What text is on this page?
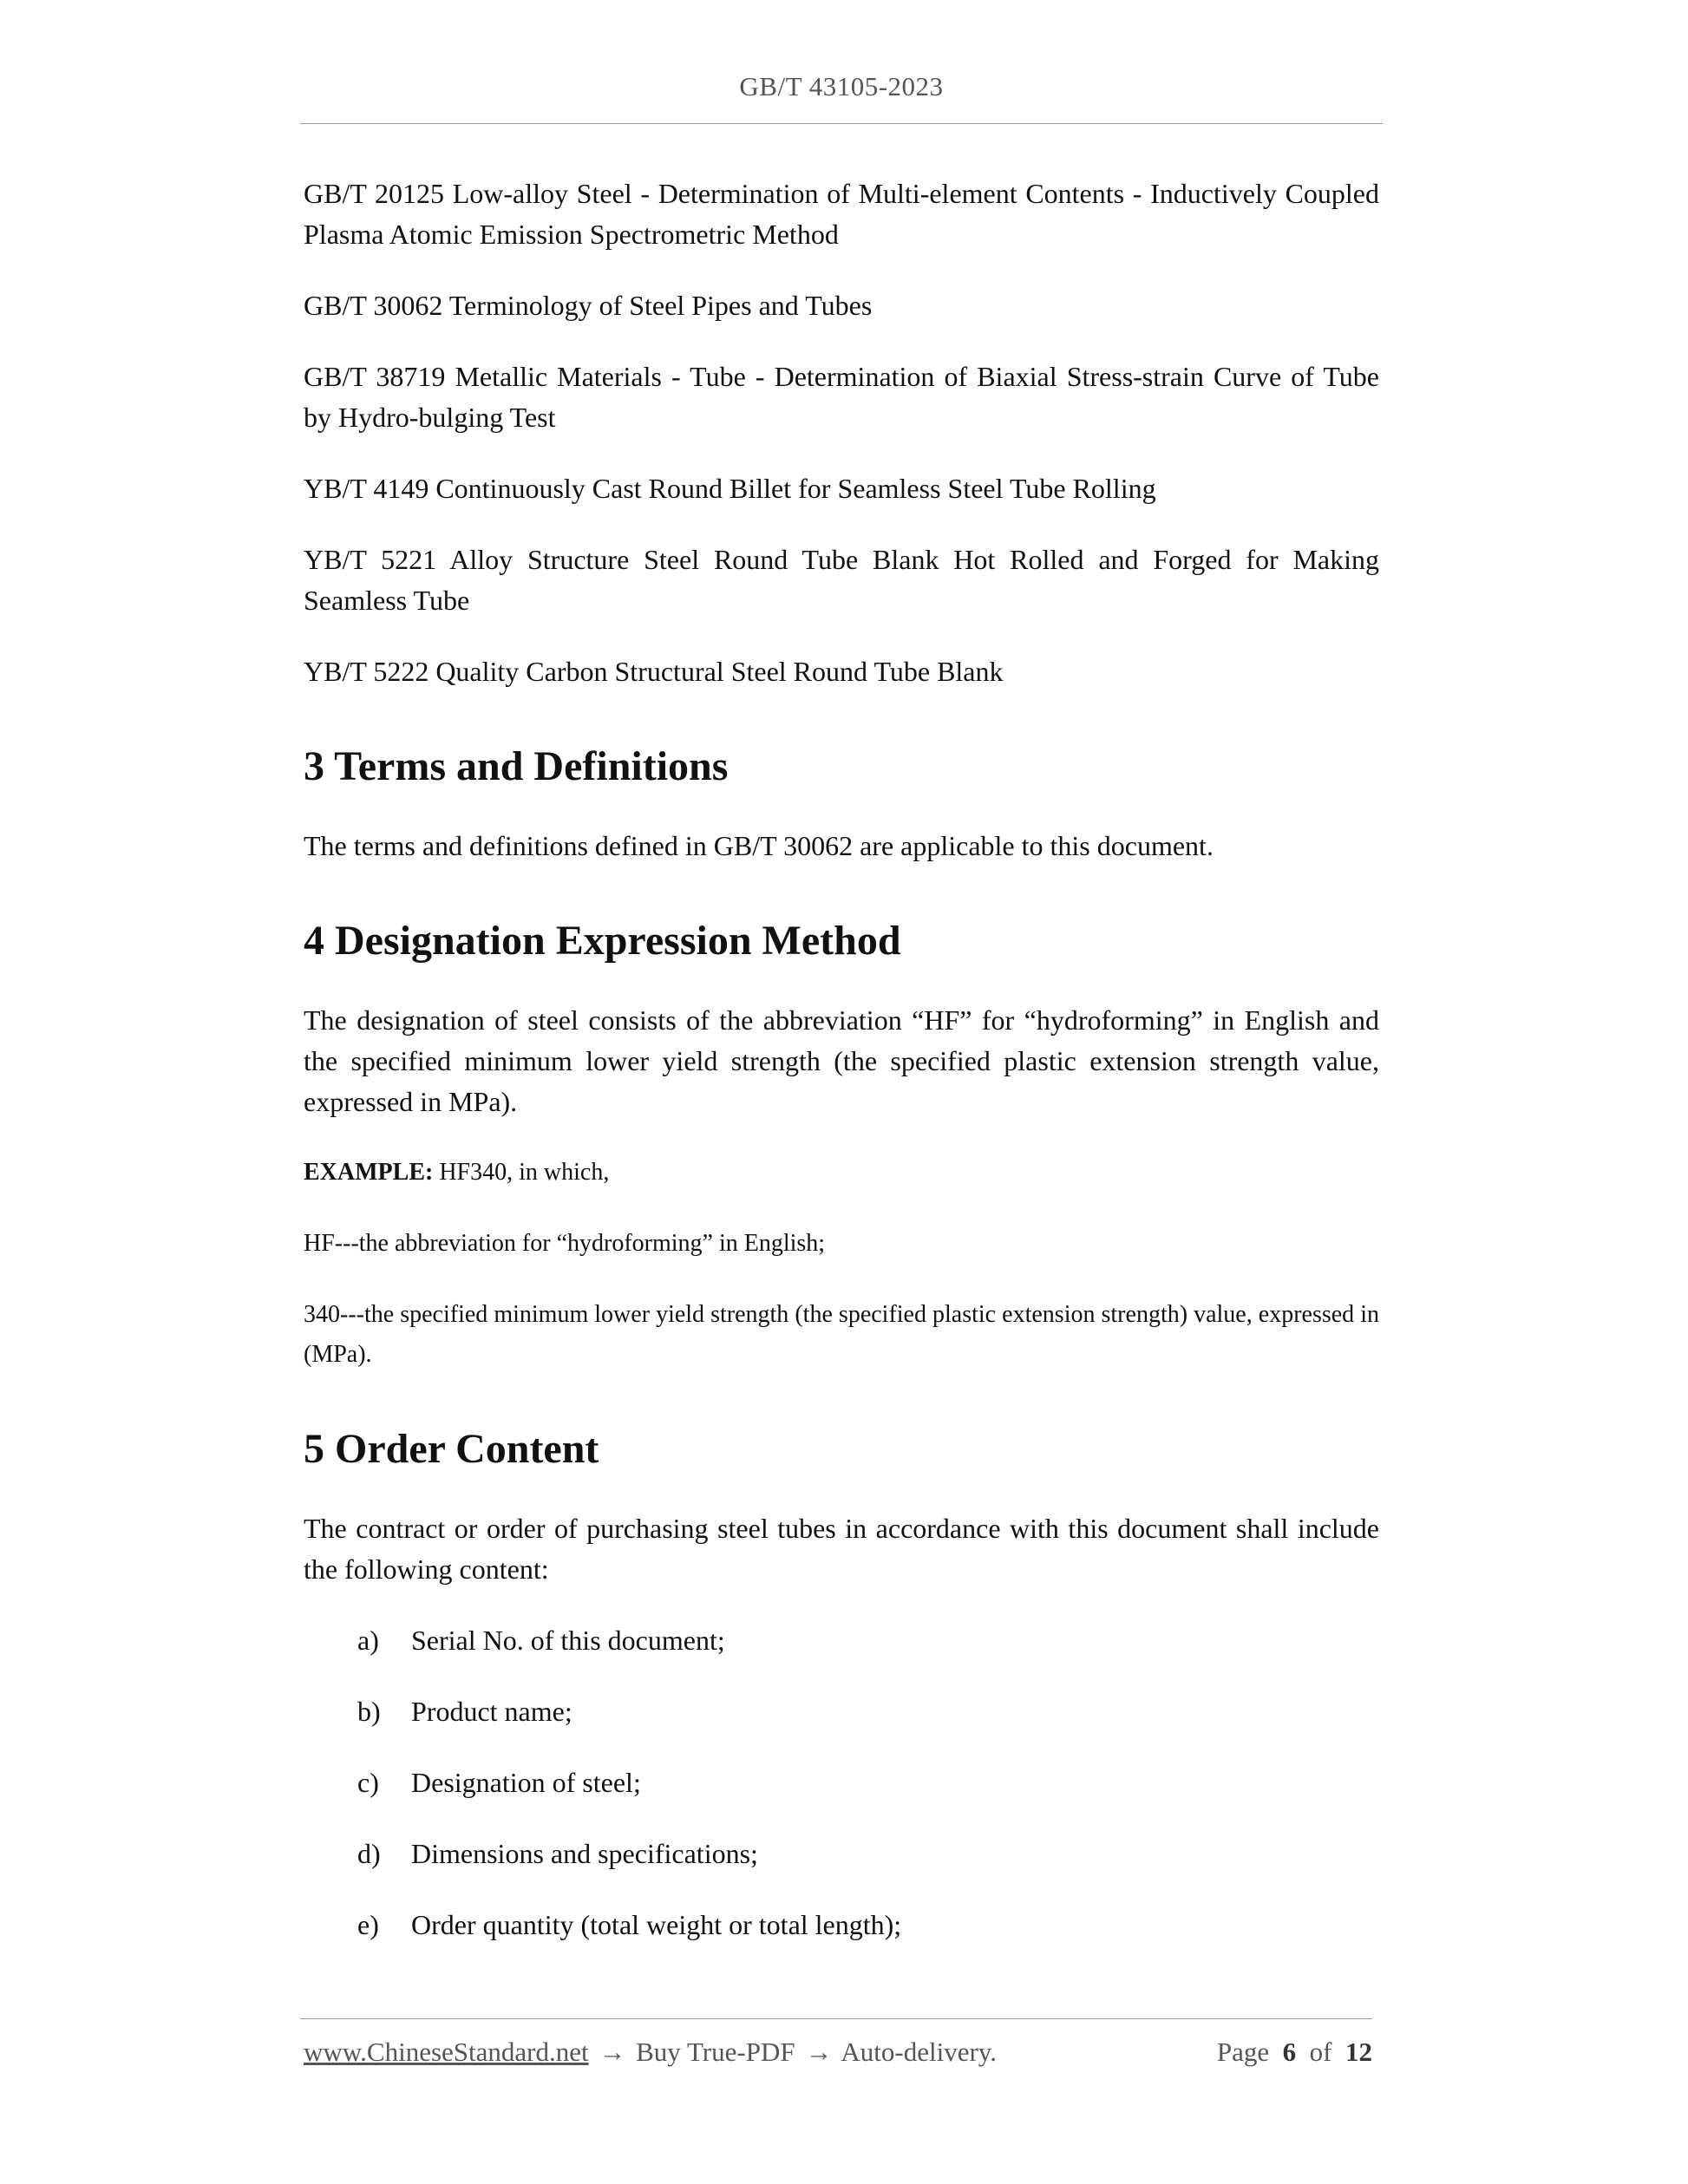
GB/T 43105-2023

GB/T 20125 Low-alloy Steel - Determination of Multi-element Contents - Inductively Coupled Plasma Atomic Emission Spectrometric Method

GB/T 30062 Terminology of Steel Pipes and Tubes

GB/T 38719 Metallic Materials - Tube - Determination of Biaxial Stress-strain Curve of Tube by Hydro-bulging Test

YB/T 4149 Continuously Cast Round Billet for Seamless Steel Tube Rolling

YB/T 5221 Alloy Structure Steel Round Tube Blank Hot Rolled and Forged for Making Seamless Tube

YB/T 5222 Quality Carbon Structural Steel Round Tube Blank

3 Terms and Definitions

The terms and definitions defined in GB/T 30062 are applicable to this document.

4 Designation Expression Method

The designation of steel consists of the abbreviation “HF” for “hydroforming” in English and the specified minimum lower yield strength (the specified plastic extension strength value, expressed in MPa).

EXAMPLE: HF340, in which,

HF---the abbreviation for “hydroforming” in English;

340---the specified minimum lower yield strength (the specified plastic extension strength) value, expressed in (MPa).

5 Order Content

The contract or order of purchasing steel tubes in accordance with this document shall include the following content:

a)	Serial No. of this document;
b)	Product name;
c)	Designation of steel;
d)	Dimensions and specifications;
e)	Order quantity (total weight or total length);
www.ChineseStandard.net → Buy True-PDF → Auto-delivery.	Page 6 of 12
